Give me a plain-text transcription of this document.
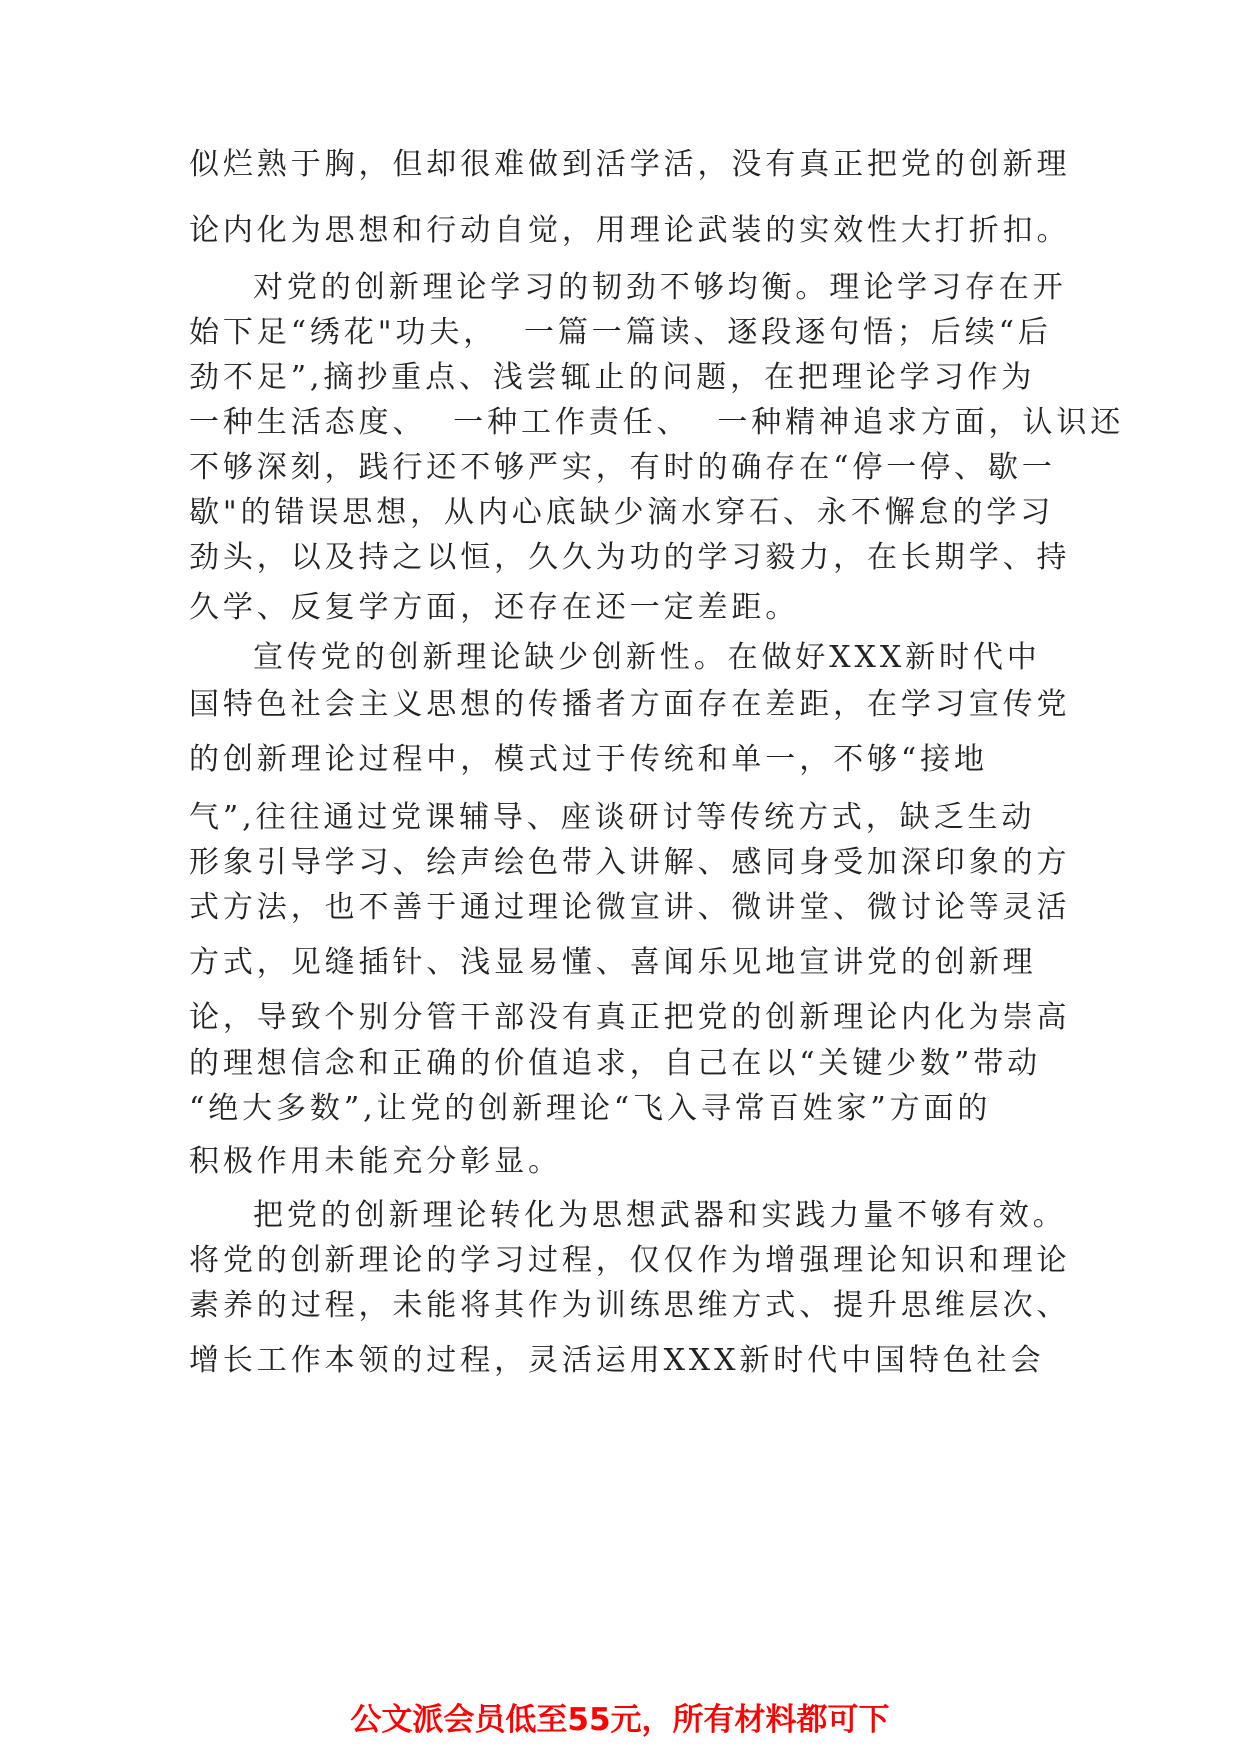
似烂熟于胸，但却很难做到活学活，没有真正把党的创新理

论内化为思想和行动自觉，用理论武装的实效性大打折扣。

对党的创新理论学习的韧劲不够均衡。理论学习存在开

始下足“绣花"功夫，  一篇一篇读、逐段逐句悟；后续“后

劲不足”,摘抄重点、浅尝辄止的问题，在把理论学习作为

一种生活态度、  一种工作责任、  一种精神追求方面，认识还

不够深刻，践行还不够严实，有时的确存在“停一停、歇一

歇"的错误思想，从内心底缺少滴水穿石、永不懈怠的学习

劲头，以及持之以恒，久久为功的学习毅力，在长期学、持

久学、反复学方面，还存在还一定差距。

宣传党的创新理论缺少创新性。在做好XXX新时代中

国特色社会主义思想的传播者方面存在差距，在学习宣传党

的创新理论过程中，模式过于传统和单一，不够“接地

气”,往往通过党课辅导、座谈研讨等传统方式，缺乏生动

形象引导学习、绘声绘色带入讲解、感同身受加深印象的方

式方法，也不善于通过理论微宣讲、微讲堂、微讨论等灵活

方式，见缝插针、浅显易懂、喜闻乐见地宣讲党的创新理

论，导致个别分管干部没有真正把党的创新理论内化为崇高

的理想信念和正确的价值追求，自己在以“关键少数”带动

“绝大多数”,让党的创新理论“飞入寻常百姓家”方面的

积极作用未能充分彰显。

把党的创新理论转化为思想武器和实践力量不够有效。

将党的创新理论的学习过程，仅仅作为增强理论知识和理论

素养的过程，未能将其作为训练思维方式、提升思维层次、

增长工作本领的过程，灵活运用XXX新时代中国特色社会

公文派会员低至55元，所有材料都可下
